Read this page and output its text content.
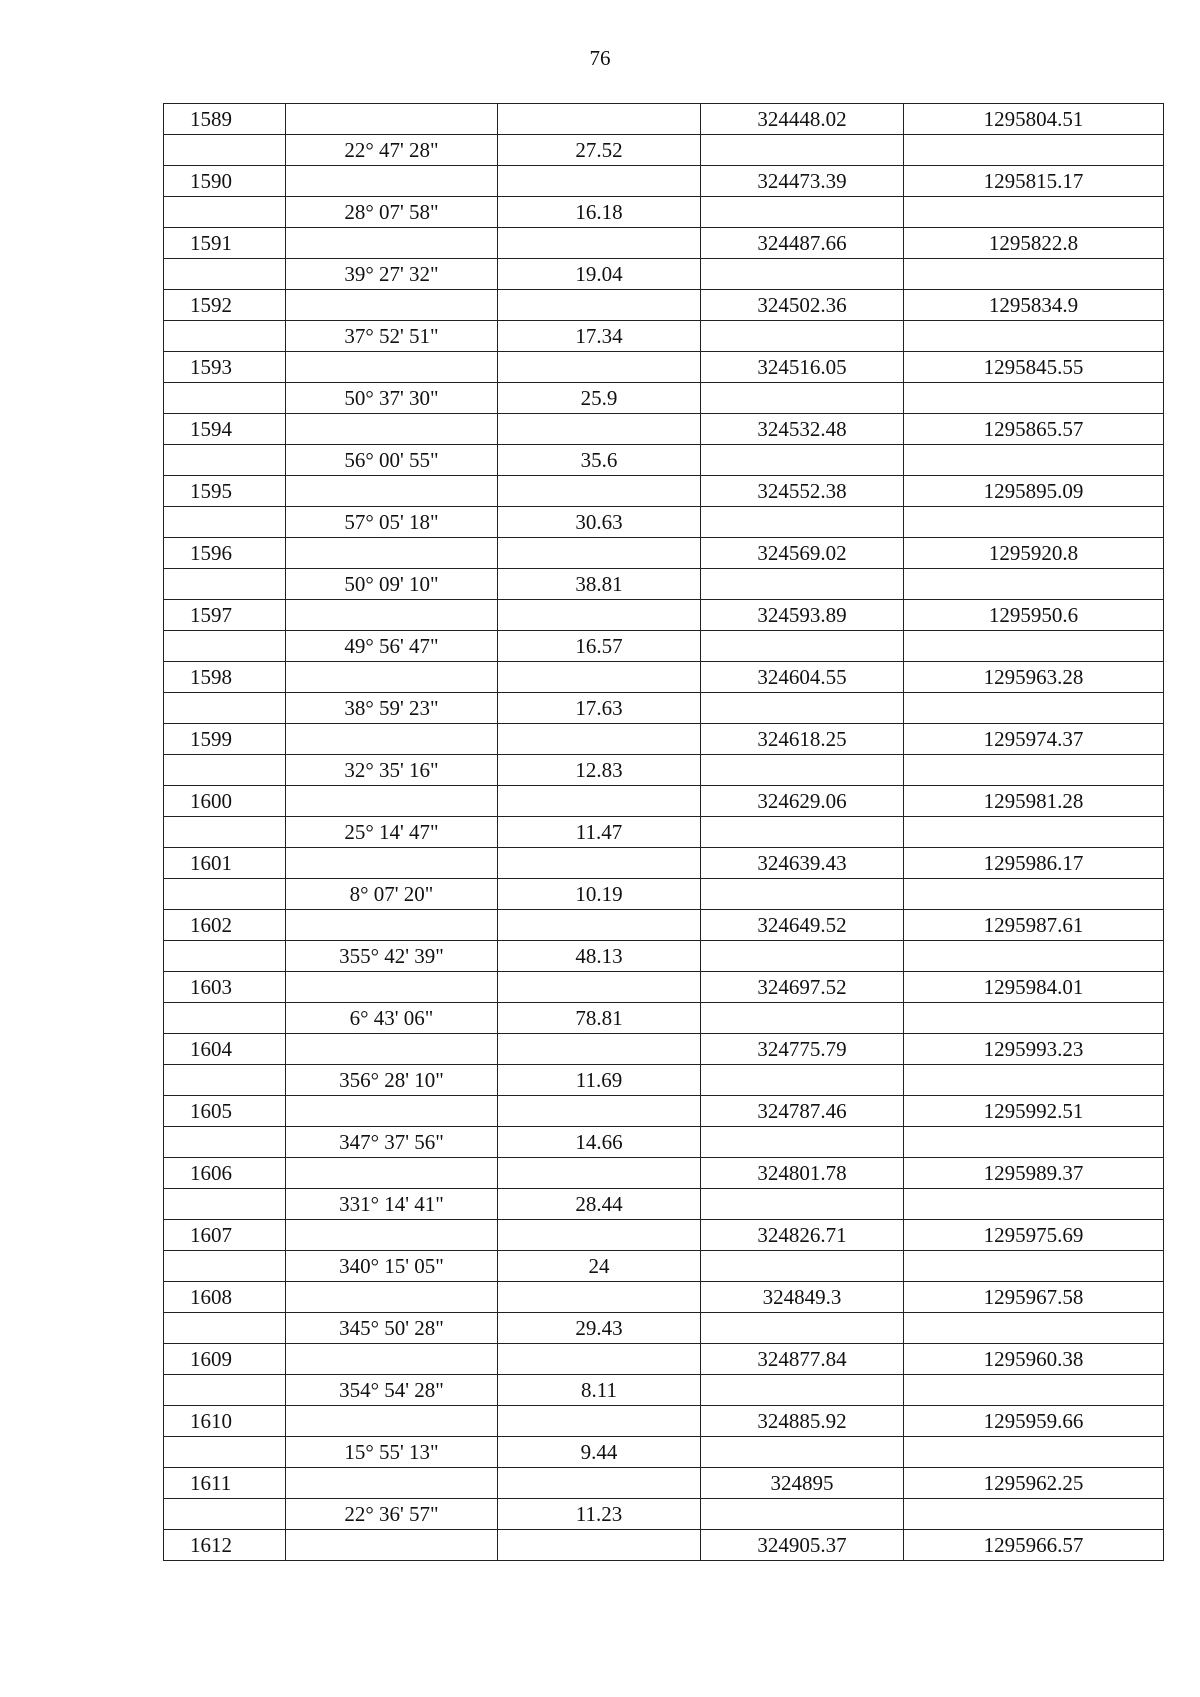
76
1589			324448.02	1295804.51
	22° 47' 28"	27.52		
1590			324473.39	1295815.17
	28° 07' 58"	16.18		
1591			324487.66	1295822.8
	39° 27' 32"	19.04		
1592			324502.36	1295834.9
	37° 52' 51"	17.34		
1593			324516.05	1295845.55
	50° 37' 30"	25.9		
1594			324532.48	1295865.57
	56° 00' 55"	35.6		
1595			324552.38	1295895.09
	57° 05' 18"	30.63		
1596			324569.02	1295920.8
	50° 09' 10"	38.81		
1597			324593.89	1295950.6
	49° 56' 47"	16.57		
1598			324604.55	1295963.28
	38° 59' 23"	17.63		
1599			324618.25	1295974.37
	32° 35' 16"	12.83		
1600			324629.06	1295981.28
	25° 14' 47"	11.47		
1601			324639.43	1295986.17
	8° 07' 20"	10.19		
1602			324649.52	1295987.61
	355° 42' 39"	48.13		
1603			324697.52	1295984.01
	6° 43' 06"	78.81		
1604			324775.79	1295993.23
	356° 28' 10"	11.69		
1605			324787.46	1295992.51
	347° 37' 56"	14.66		
1606			324801.78	1295989.37
	331° 14' 41"	28.44		
1607			324826.71	1295975.69
	340° 15' 05"	24		
1608			324849.3	1295967.58
	345° 50' 28"	29.43		
1609			324877.84	1295960.38
	354° 54' 28"	8.11		
1610			324885.92	1295959.66
	15° 55' 13"	9.44		
1611			324895	1295962.25
	22° 36' 57"	11.23		
1612			324905.37	1295966.57
